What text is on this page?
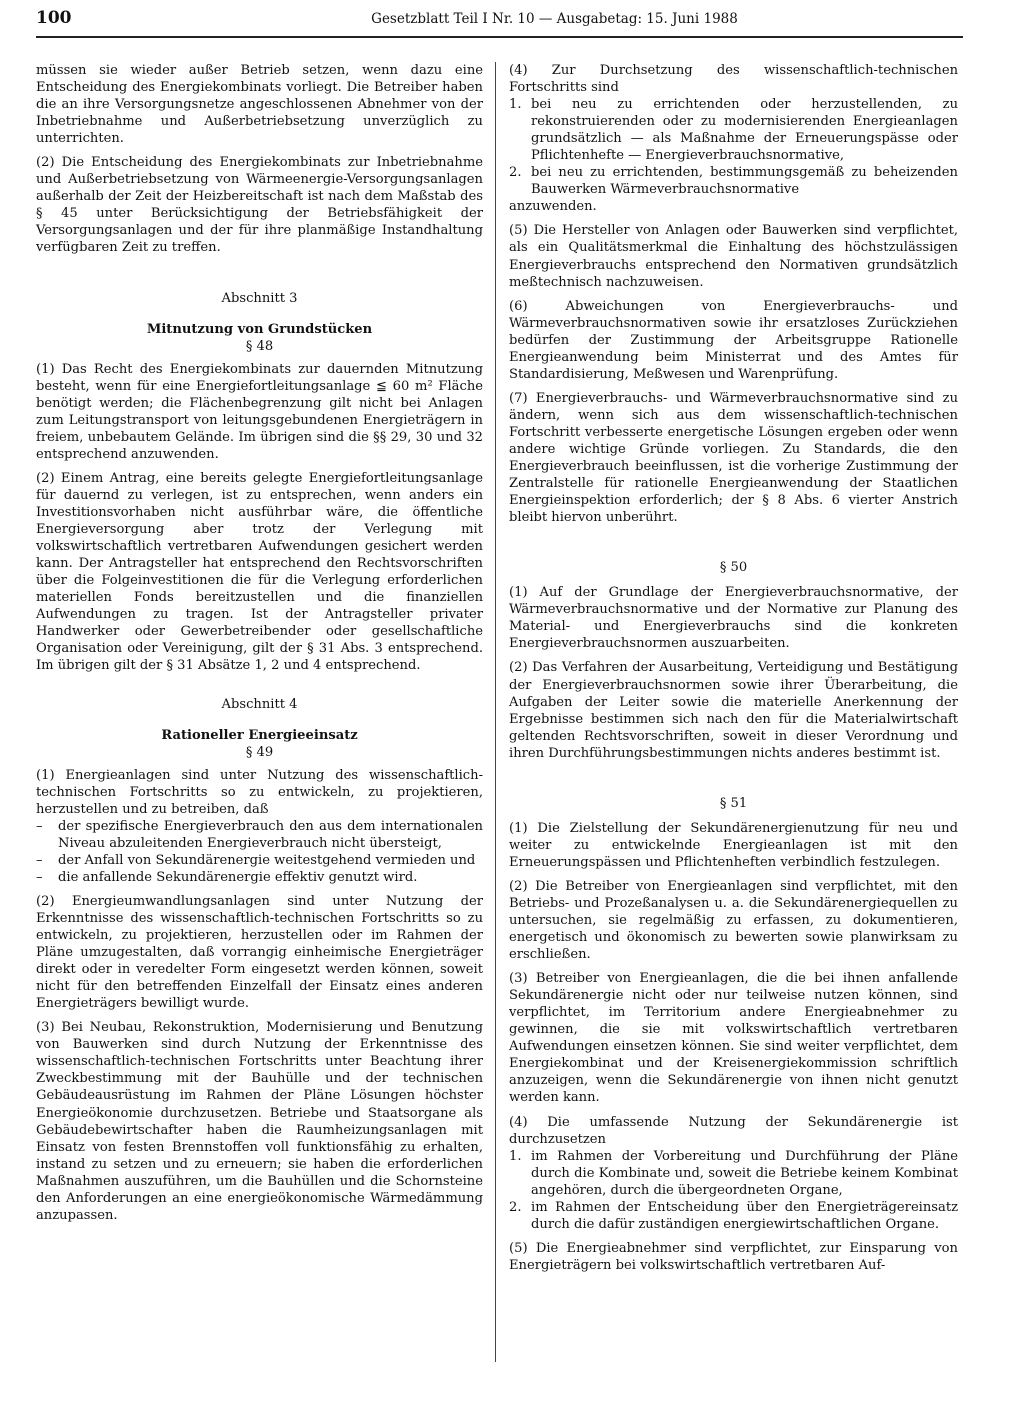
100	Gesetzblatt Teil I Nr. 10 — Ausgabetag: 15. Juni 1988

müssen sie wieder außer Betrieb setzen, wenn dazu eine Entscheidung des Energiekombinats vorliegt. Die Betreiber haben die an ihre Versorgungsnetze angeschlossenen Abnehmer von der Inbetriebnahme und Außerbetriebsetzung unverzüglich zu unterrichten.

(2) Die Entscheidung des Energiekombinats zur Inbetriebnahme und Außerbetriebsetzung von Wärmeenergie-Versorgungsanlagen außerhalb der Zeit der Heizbereitschaft ist nach dem Maßstab des § 45 unter Berücksichtigung der Betriebsfähigkeit der Versorgungsanlagen und der für ihre planmäßige Instandhaltung verfügbaren Zeit zu treffen.

Abschnitt 3

Mitnutzung von Grundstücken

§ 48

(1) Das Recht des Energiekombinats zur dauernden Mitnutzung besteht, wenn für eine Energiefortleitungsanlage ≦ 60 m² Fläche benötigt werden; die Flächenbegrenzung gilt nicht bei Anlagen zum Leitungstransport von leitungsgebundenen Energieträgern in freiem, unbebautem Gelände. Im übrigen sind die §§ 29, 30 und 32 entsprechend anzuwenden.

(2) Einem Antrag, eine bereits gelegte Energiefortleitungsanlage für dauernd zu verlegen, ist zu entsprechen, wenn anders ein Investitionsvorhaben nicht ausführbar wäre, die öffentliche Energieversorgung aber trotz der Verlegung mit volkswirtschaftlich vertretbaren Aufwendungen gesichert werden kann. Der Antragsteller hat entsprechend den Rechtsvorschriften über die Folgeinvestitionen die für die Verlegung erforderlichen materiellen Fonds bereitzustellen und die finanziellen Aufwendungen zu tragen. Ist der Antragsteller privater Handwerker oder Gewerbetreibender oder gesellschaftliche Organisation oder Vereinigung, gilt der § 31 Abs. 3 entsprechend. Im übrigen gilt der § 31 Absätze 1, 2 und 4 entsprechend.

Abschnitt 4

Rationeller Energieeinsatz

§ 49

(1) Energieanlagen sind unter Nutzung des wissenschaftlich-technischen Fortschritts so zu entwickeln, zu projektieren, herzustellen und zu betreiben, daß

–	der spezifische Energieverbrauch den aus dem internationalen Niveau abzuleitenden Energieverbrauch nicht übersteigt,
–	der Anfall von Sekundärenergie weitestgehend vermieden und
–	die anfallende Sekundärenergie effektiv genutzt wird.

(2) Energieumwandlungsanlagen sind unter Nutzung der Erkenntnisse des wissenschaftlich-technischen Fortschritts so zu entwickeln, zu projektieren, herzustellen oder im Rahmen der Pläne umzugestalten, daß vorrangig einheimische Energieträger direkt oder in veredelter Form eingesetzt werden können, soweit nicht für den betreffenden Einzelfall der Einsatz eines anderen Energieträgers bewilligt wurde.

(3) Bei Neubau, Rekonstruktion, Modernisierung und Benutzung von Bauwerken sind durch Nutzung der Erkenntnisse des wissenschaftlich-technischen Fortschritts unter Beachtung ihrer Zweckbestimmung mit der Bauhülle und der technischen Gebäudeausrüstung im Rahmen der Pläne Lösungen höchster Energieökonomie durchzusetzen. Betriebe und Staatsorgane als Gebäudebewirtschafter haben die Raumheizungsanlagen mit Einsatz von festen Brennstoffen voll funktionsfähig zu erhalten, instand zu setzen und zu erneuern; sie haben die erforderlichen Maßnahmen auszuführen, um die Bauhüllen und die Schornsteine den Anforderungen an eine energieökonomische Wärmedämmung anzupassen.

(4) Zur Durchsetzung des wissenschaftlich-technischen Fortschritts sind

1. bei neu zu errichtenden oder herzustellenden, zu rekonstruierenden oder zu modernisierenden Energieanlagen grundsätzlich — als Maßnahme der Erneuerungspässe oder Pflichtenhefte — Energieverbrauchsnormative,
2. bei neu zu errichtenden, bestimmungsgemäß zu beheizenden Bauwerken Wärmeverbrauchsnormative

anzuwenden.

(5) Die Hersteller von Anlagen oder Bauwerken sind verpflichtet, als ein Qualitätsmerkmal die Einhaltung des höchstzulässigen Energieverbrauchs entsprechend den Normativen grundsätzlich meßtechnisch nachzuweisen.

(6) Abweichungen von Energieverbrauchs- und Wärmeverbrauchsnormativen sowie ihr ersatzloses Zurückziehen bedürfen der Zustimmung der Arbeitsgruppe Rationelle Energieanwendung beim Ministerrat und des Amtes für Standardisierung, Meßwesen und Warenprüfung.

(7) Energieverbrauchs- und Wärmeverbrauchsnormative sind zu ändern, wenn sich aus dem wissenschaftlich-technischen Fortschritt verbesserte energetische Lösungen ergeben oder wenn andere wichtige Gründe vorliegen. Zu Standards, die den Energieverbrauch beeinflussen, ist die vorherige Zustimmung der Zentralstelle für rationelle Energieanwendung der Staatlichen Energieinspektion erforderlich; der § 8 Abs. 6 vierter Anstrich bleibt hiervon unberührt.

§ 50

(1) Auf der Grundlage der Energieverbrauchsnormative, der Wärmeverbrauchsnormative und der Normative zur Planung des Material- und Energieverbrauchs sind die konkreten Energieverbrauchsnormen auszuarbeiten.

(2) Das Verfahren der Ausarbeitung, Verteidigung und Bestätigung der Energieverbrauchsnormen sowie ihrer Überarbeitung, die Aufgaben der Leiter sowie die materielle Anerkennung der Ergebnisse bestimmen sich nach den für die Materialwirtschaft geltenden Rechtsvorschriften, soweit in dieser Verordnung und ihren Durchführungsbestimmungen nichts anderes bestimmt ist.

§ 51

(1) Die Zielstellung der Sekundärenergienutzung für neu und weiter zu entwickelnde Energieanlagen ist mit den Erneuerungspässen und Pflichtenheften verbindlich festzulegen.

(2) Die Betreiber von Energieanlagen sind verpflichtet, mit den Betriebs- und Prozeßanalysen u. a. die Sekundärenergiequellen zu untersuchen, sie regelmäßig zu erfassen, zu dokumentieren, energetisch und ökonomisch zu bewerten sowie planwirksam zu erschließen.

(3) Betreiber von Energieanlagen, die die bei ihnen anfallende Sekundärenergie nicht oder nur teilweise nutzen können, sind verpflichtet, im Territorium andere Energieabnehmer zu gewinnen, die sie mit volkswirtschaftlich vertretbaren Aufwendungen einsetzen können. Sie sind weiter verpflichtet, dem Energiekombinat und der Kreisenergiekommission schriftlich anzuzeigen, wenn die Sekundärenergie von ihnen nicht genutzt werden kann.

(4) Die umfassende Nutzung der Sekundärenergie ist durchzusetzen

1. im Rahmen der Vorbereitung und Durchführung der Pläne durch die Kombinate und, soweit die Betriebe keinem Kombinat angehören, durch die übergeordneten Organe,
2. im Rahmen der Entscheidung über den Energieträgereinsatz durch die dafür zuständigen energiewirtschaftlichen Organe.

(5) Die Energieabnehmer sind verpflichtet, zur Einsparung von Energieträgern bei volkswirtschaftlich vertretbaren Auf-
